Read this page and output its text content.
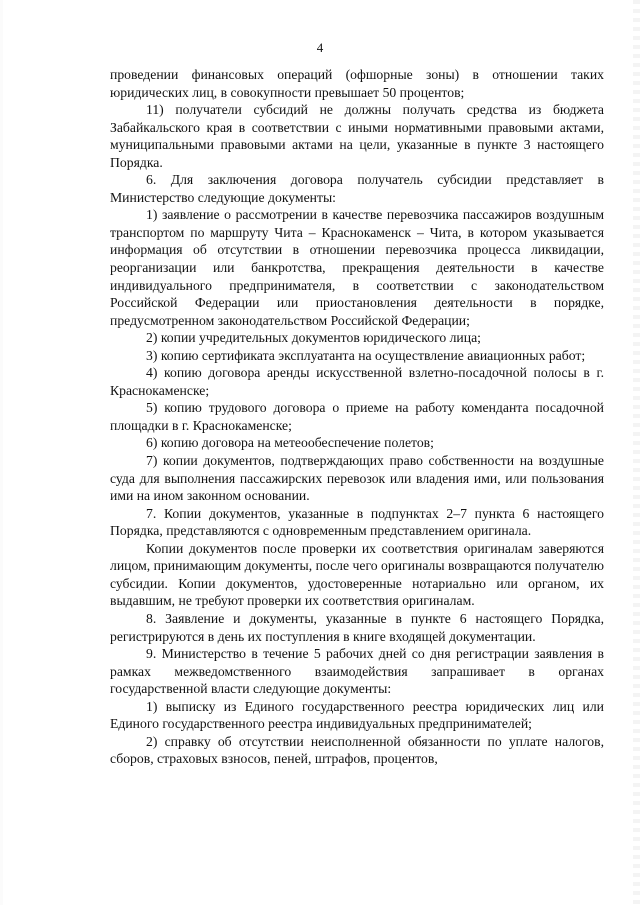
4

проведении финансовых операций (офшорные зоны) в отношении таких юридических лиц, в совокупности превышает 50 процентов;

11) получатели субсидий не должны получать средства из бюджета Забайкальского края в соответствии с иными нормативными правовыми актами, муниципальными правовыми актами на цели, указанные в пункте 3 настоящего Порядка.

6. Для заключения договора получатель субсидии представляет в Министерство следующие документы:

1) заявление о рассмотрении в качестве перевозчика пассажиров воздушным транспортом по маршруту Чита – Краснокаменск – Чита, в котором указывается информация об отсутствии в отношении перевозчика процесса ликвидации, реорганизации или банкротства, прекращения деятельности в качестве индивидуального предпринимателя, в соответствии с законодательством Российской Федерации или приостановления деятельности в порядке, предусмотренном законодательством Российской Федерации;

2) копии учредительных документов юридического лица;

3) копию сертификата эксплуатанта на осуществление авиационных работ;

4) копию договора аренды искусственной взлетно-посадочной полосы в г. Краснокаменске;

5) копию трудового договора о приеме на работу коменданта посадочной площадки в г. Краснокаменске;

6) копию договора на метеообеспечение полетов;

7) копии документов, подтверждающих право собственности на воздушные суда для выполнения пассажирских перевозок или владения ими, или пользования ими на ином законном основании.

7. Копии документов, указанные в подпунктах 2–7 пункта 6 настоящего Порядка, представляются с одновременным представлением оригинала.

Копии документов после проверки их соответствия оригиналам заверяются лицом, принимающим документы, после чего оригиналы возвращаются получателю субсидии. Копии документов, удостоверенные нотариально или органом, их выдавшим, не требуют проверки их соответствия оригиналам.

8. Заявление и документы, указанные в пункте 6 настоящего Порядка, регистрируются в день их поступления в книге входящей документации.

9. Министерство в течение 5 рабочих дней со дня регистрации заявления в рамках межведомственного взаимодействия запрашивает в органах государственной власти следующие документы:

1) выписку из Единого государственного реестра юридических лиц или Единого государственного реестра индивидуальных предпринимателей;

2) справку об отсутствии неисполненной обязанности по уплате налогов, сборов, страховых взносов, пеней, штрафов, процентов,
